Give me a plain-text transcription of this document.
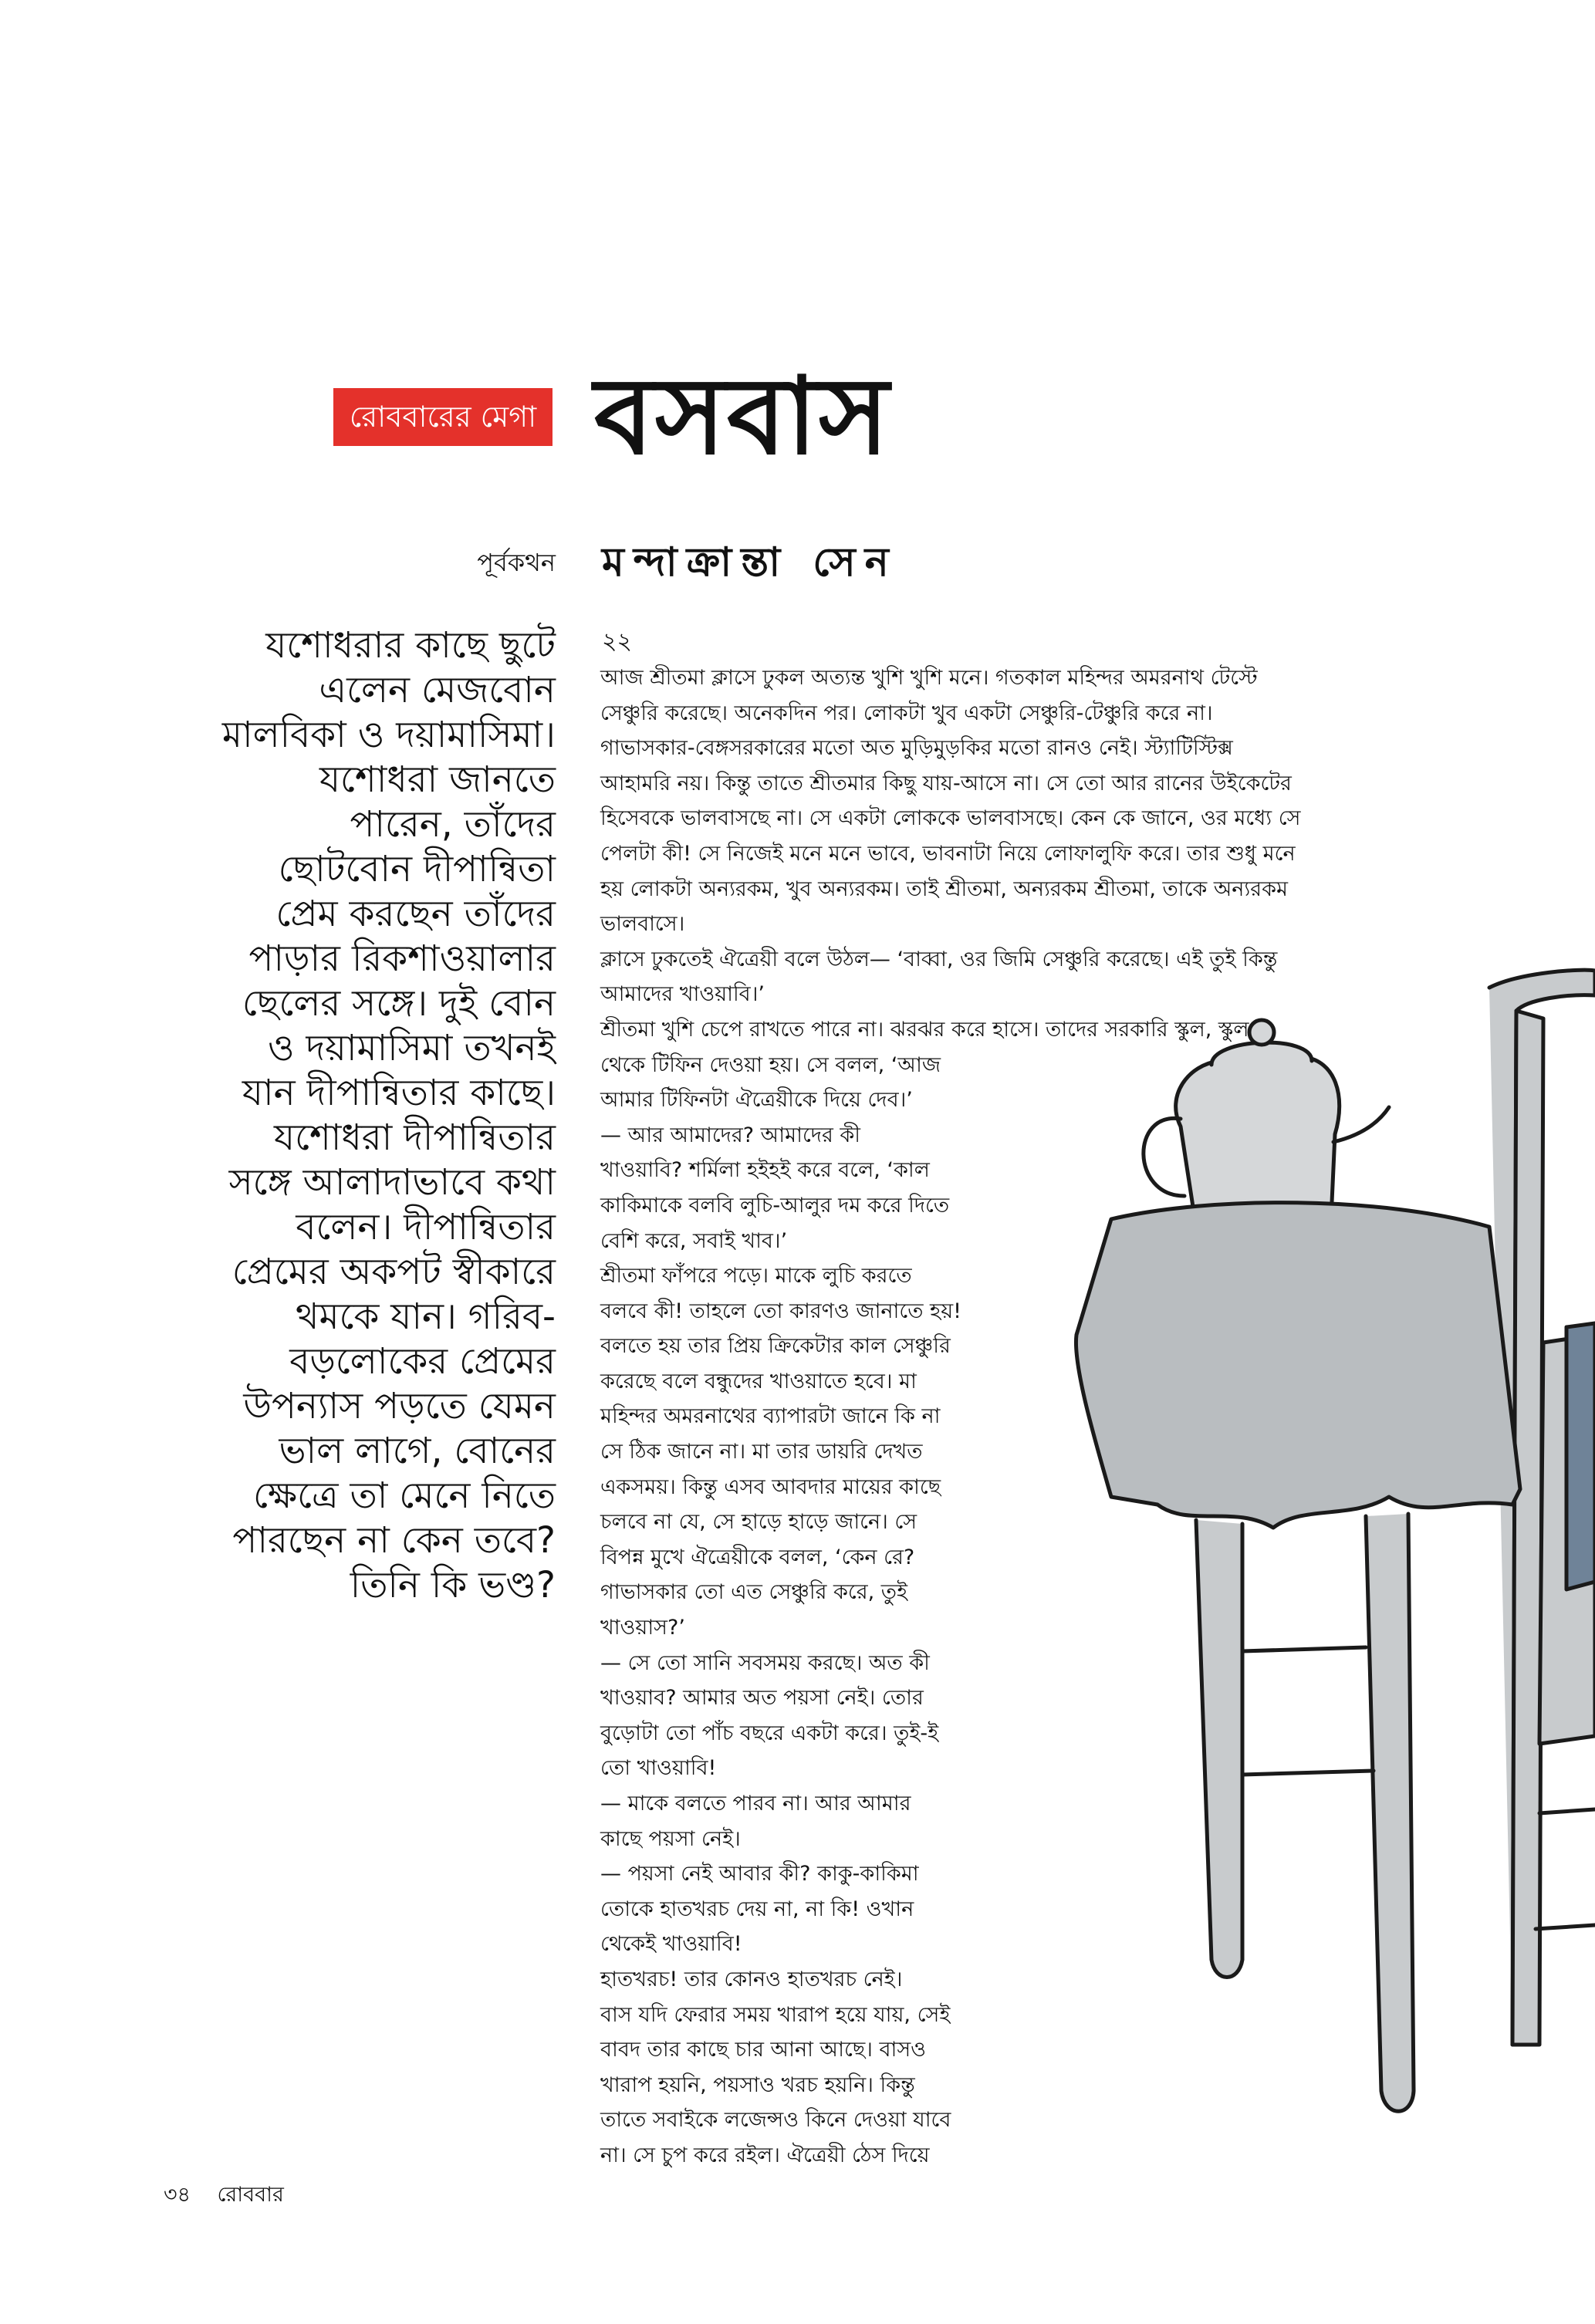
রোববারের মেগা বসবাস
পূর্বকথন মন্দাক্রান্তা সেন

যশোধরার কাছে ছুটে

এলেন মেজবোন

মালবিকা ও দয়ামাসিমা।

যশোধরা জানতে

পারেন, তাঁদের

ছোটবোন দীপান্বিতা

প্রেম করছেন তাঁদের

পাড়ার রিকশাওয়ালার

ছেলের সঙ্গে। দুই বোন

ও দয়ামাসিমা তখনই

যান দীপান্বিতার কাছে।

যশোধরা দীপান্বিতার

সঙ্গে আলাদাভাবে কথা

বলেন। দীপান্বিতার

প্রেমের অকপট স্বীকারে

থমকে যান। গরিব-

বড়লোকের প্রেমের

উপন্যাস পড়তে যেমন

ভাল লাগে, বোনের

ক্ষেত্রে তা মেনে নিতে

পারছেন না কেন তবে?

তিনি কি ভণ্ড?

২২
আজ শ্রীতমা ক্লাসে ঢুকল অত্যন্ত খুশি খুশি মনে। গতকাল মহিন্দর অমরনাথ টেস্টে
সেঞ্চুরি করেছে। অনেকদিন পর। লোকটা খুব একটা সেঞ্চুরি-টেঞ্চুরি করে না।
গাভাসকার-বেঙ্গসরকারের মতো অত মুড়িমুড়কির মতো রানও নেই। স্ট্যাটিস্টিক্স
আহামরি নয়। কিন্তু তাতে শ্রীতমার কিছু যায়-আসে না। সে তো আর রানের উইকেটের
হিসেবকে ভালবাসছে না। সে একটা লোককে ভালবাসছে। কেন কে জানে, ওর মধ্যে সে
পেলটা কী! সে নিজেই মনে মনে ভাবে, ভাবনাটা নিয়ে লোফালুফি করে। তার শুধু মনে
হয় লোকটা অন্যরকম, খুব অন্যরকম। তাই শ্রীতমা, অন্যরকম শ্রীতমা, তাকে অন্যরকম
ভালবাসে।
ক্লাসে ঢুকতেই ঐত্রেয়ী বলে উঠল— ‘বাব্বা, ওর জিমি সেঞ্চুরি করেছে। এই তুই কিন্তু
আমাদের খাওয়াবি।’
শ্রীতমা খুশি চেপে রাখতে পারে না। ঝরঝর করে হাসে। তাদের সরকারি স্কুল, স্কুল
থেকে টিফিন দেওয়া হয়। সে বলল, ‘আজ
আমার টিফিনটা ঐত্রেয়ীকে দিয়ে দেব।’
— আর আমাদের? আমাদের কী
খাওয়াবি? শর্মিলা হইহই করে বলে, ‘কাল
কাকিমাকে বলবি লুচি-আলুর দম করে দিতে
বেশি করে, সবাই খাব।’
শ্রীতমা ফাঁপরে পড়ে। মাকে লুচি করতে
বলবে কী! তাহলে তো কারণও জানাতে হয়!
বলতে হয় তার প্রিয় ক্রিকেটার কাল সেঞ্চুরি
করেছে বলে বন্ধুদের খাওয়াতে হবে। মা
মহিন্দর অমরনাথের ব্যাপারটা জানে কি না
সে ঠিক জানে না। মা তার ডায়রি দেখত
একসময়। কিন্তু এসব আবদার মায়ের কাছে
চলবে না যে, সে হাড়ে হাড়ে জানে। সে
বিপন্ন মুখে ঐত্রেয়ীকে বলল, ‘কেন রে?
গাভাসকার তো এত সেঞ্চুরি করে, তুই
খাওয়াস?’
— সে তো সানি সবসময় করছে। অত কী
খাওয়াব? আমার অত পয়সা নেই। তোর
বুড়োটা তো পাঁচ বছরে একটা করে। তুই-ই
তো খাওয়াবি!
— মাকে বলতে পারব না। আর আমার
কাছে পয়সা নেই।
— পয়সা নেই আবার কী? কাকু-কাকিমা
তোকে হাতখরচ দেয় না, না কি! ওখান
থেকেই খাওয়াবি!
হাতখরচ! তার কোনও হাতখরচ নেই।
বাস যদি ফেরার সময় খারাপ হয়ে যায়, সেই
বাবদ তার কাছে চার আনা আছে। বাসও
খারাপ হয়নি, পয়সাও খরচ হয়নি। কিন্তু
তাতে সবাইকে লজেন্সও কিনে দেওয়া যাবে
না। সে চুপ করে রইল। ঐত্রেয়ী ঠেস দিয়ে
৩৪ রোববার
